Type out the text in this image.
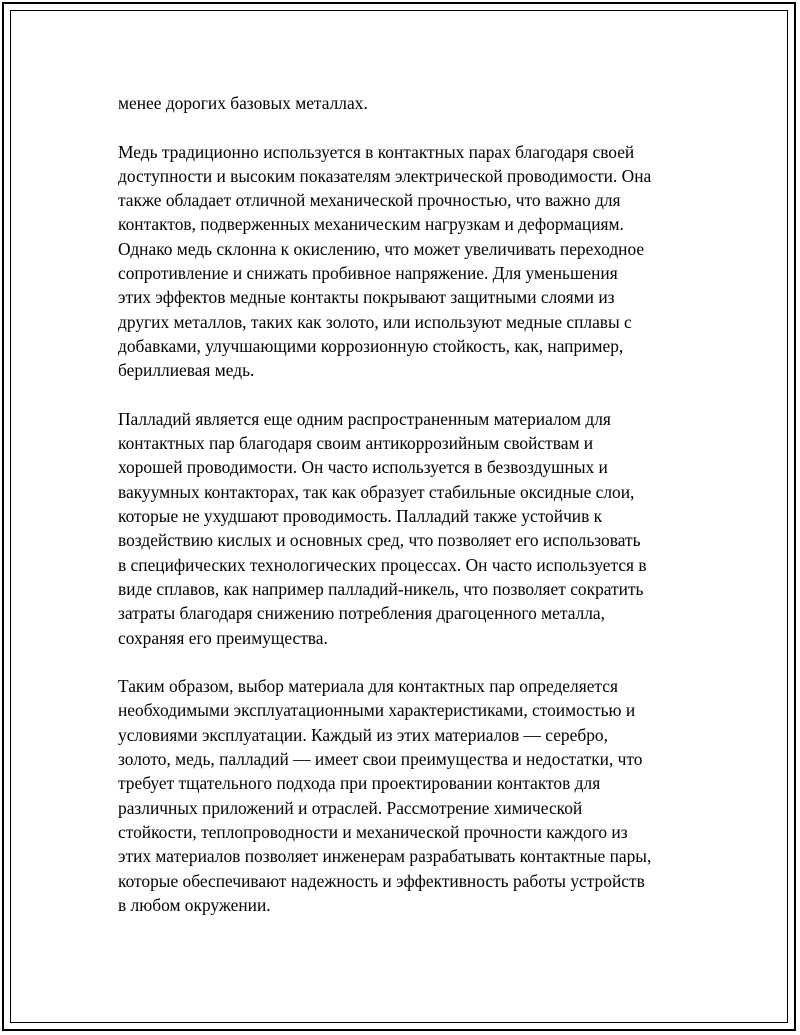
менее дорогих базовых металлах.

Медь традиционно используется в контактных парах благодаря своей
доступности и высоким показателям электрической проводимости. Она
также обладает отличной механической прочностью, что важно для
контактов, подверженных механическим нагрузкам и деформациям.
Однако медь склонна к окислению, что может увеличивать переходное
сопротивление и снижать пробивное напряжение. Для уменьшения
этих эффектов медные контакты покрывают защитными слоями из
других металлов, таких как золото, или используют медные сплавы с
добавками, улучшающими коррозионную стойкость, как, например,
бериллиевая медь.

Палладий является еще одним распространенным материалом для
контактных пар благодаря своим антикоррозийным свойствам и
хорошей проводимости. Он часто используется в безвоздушных и
вакуумных контакторах, так как образует стабильные оксидные слои,
которые не ухудшают проводимость. Палладий также устойчив к
воздействию кислых и основных сред, что позволяет его использовать
в специфических технологических процессах. Он часто используется в
виде сплавов, как например палладий-никель, что позволяет сократить
затраты благодаря снижению потребления драгоценного металла,
сохраняя его преимущества.

Таким образом, выбор материала для контактных пар определяется
необходимыми эксплуатационными характеристиками, стоимостью и
условиями эксплуатации. Каждый из этих материалов — серебро,
золото, медь, палладий — имеет свои преимущества и недостатки, что
требует тщательного подхода при проектировании контактов для
различных приложений и отраслей. Рассмотрение химической
стойкости, теплопроводности и механической прочности каждого из
этих материалов позволяет инженерам разрабатывать контактные пары,
которые обеспечивают надежность и эффективность работы устройств
в любом окружении.
